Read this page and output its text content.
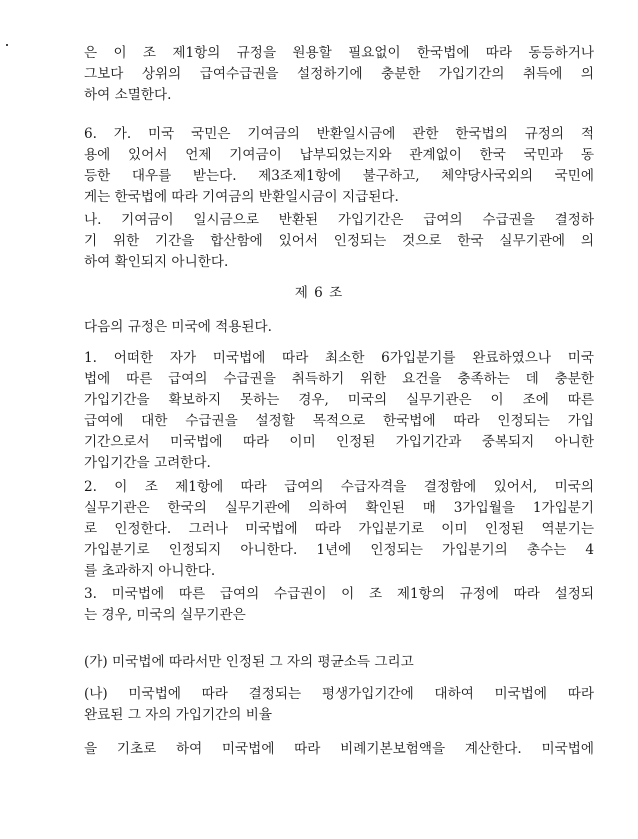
은 이 조 제1항의 규정을 원용할 필요없이 한국법에 따라 동등하거나
그보다 상위의 급여수급권을 설정하기에 충분한 가입기간의 취득에 의
하여 소멸한다.
6. 가. 미국 국민은 기여금의 반환일시금에 관한 한국법의 규정의 적
용에 있어서 언제 기여금이 납부되었는지와 관계없이 한국 국민과 동
등한 대우를 받는다. 제3조제1항에 불구하고, 체약당사국외의 국민에
게는 한국법에 따라 기여금의 반환일시금이 지급된다.
나. 기여금이 일시금으로 반환된 가입기간은 급여의 수급권을 결정하
기 위한 기간을 합산함에 있어서 인정되는 것으로 한국 실무기관에 의
하여 확인되지 아니한다.

제 6 조

다음의 규정은 미국에 적용된다.
1. 어떠한 자가 미국법에 따라 최소한 6가입분기를 완료하였으나 미국
법에 따른 급여의 수급권을 취득하기 위한 요건을 충족하는 데 충분한
가입기간을 확보하지 못하는 경우, 미국의 실무기관은 이 조에 따른
급여에 대한 수급권을 설정할 목적으로 한국법에 따라 인정되는 가입
기간으로서 미국법에 따라 이미 인정된 가입기간과 중복되지 아니한
가입기간을 고려한다.
2. 이 조 제1항에 따라 급여의 수급자격을 결정함에 있어서, 미국의
실무기관은 한국의 실무기관에 의하여 확인된 매 3가입월을 1가입분기
로 인정한다. 그러나 미국법에 따라 가입분기로 이미 인정된 역분기는
가입분기로 인정되지 아니한다. 1년에 인정되는 가입분기의 총수는 4
를 초과하지 아니한다.
3. 미국법에 따른 급여의 수급권이 이 조 제1항의 규정에 따라 설정되
는 경우, 미국의 실무기관은
(가) 미국법에 따라서만 인정된 그 자의 평균소득 그리고
(나) 미국법에 따라 결정되는 평생가입기간에 대하여 미국법에 따라
완료된 그 자의 가입기간의 비율
을 기초로 하여 미국법에 따라 비례기본보험액을 계산한다. 미국법에
